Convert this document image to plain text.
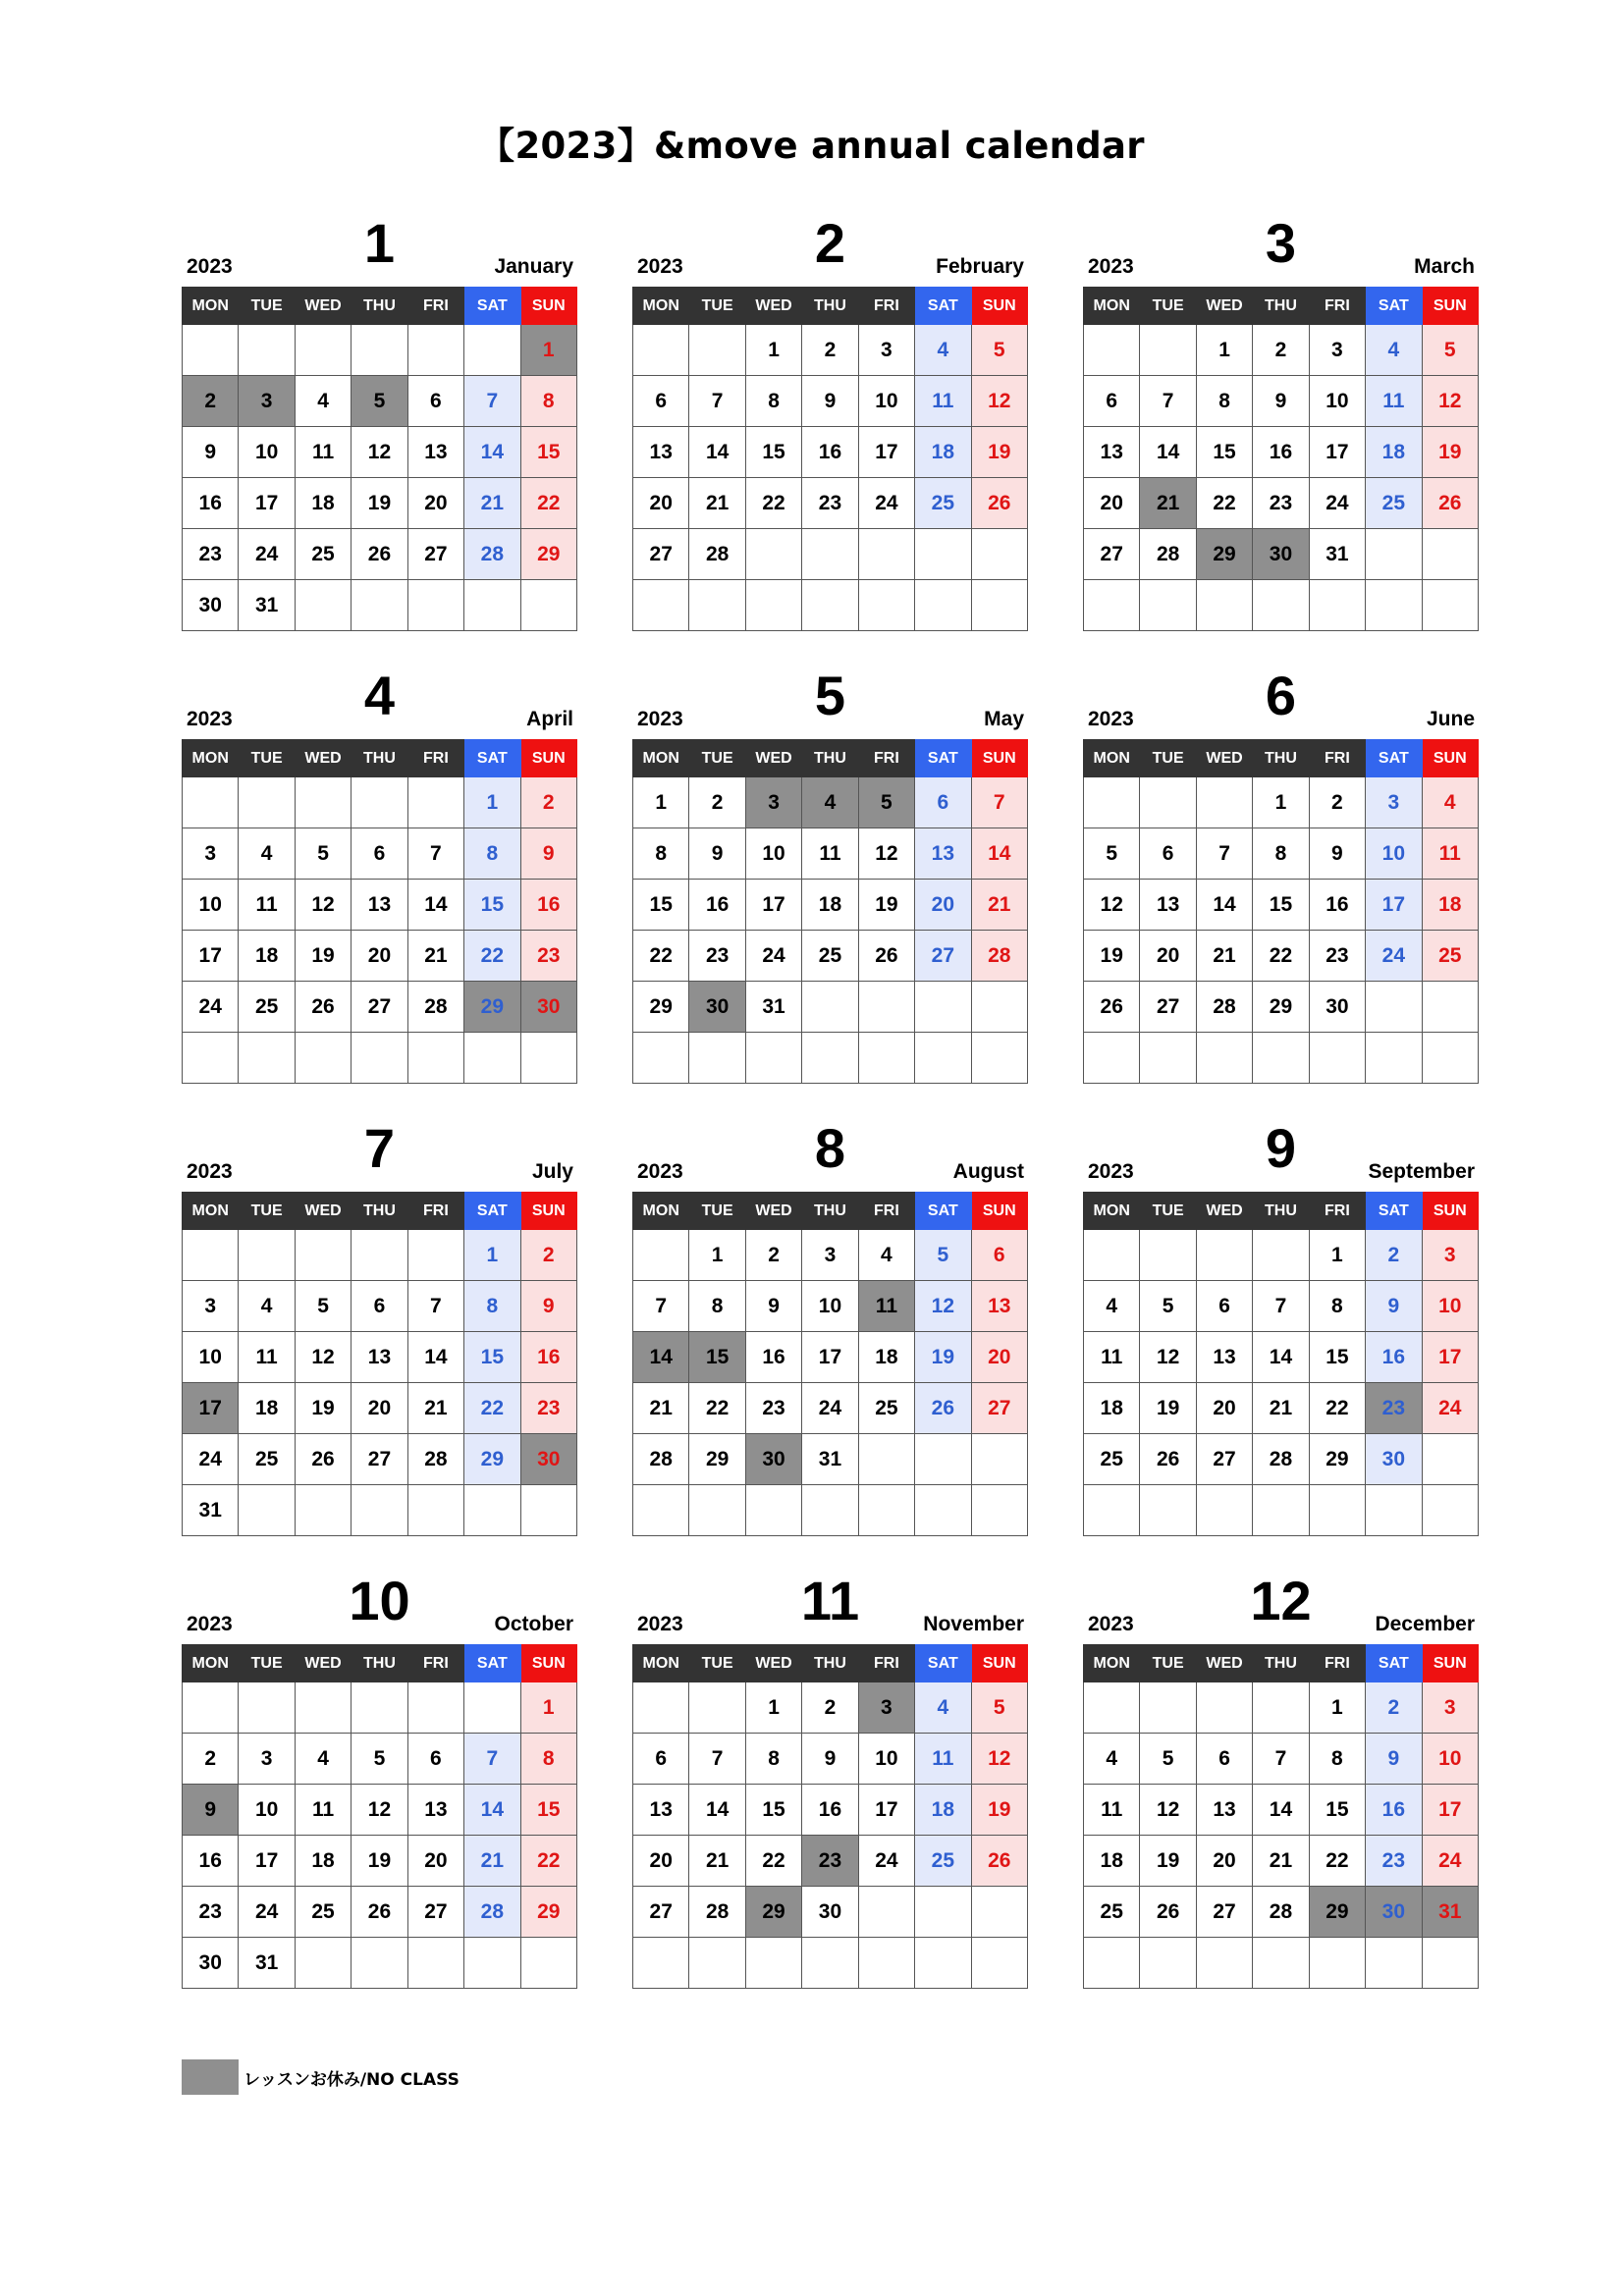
【2023】&move annual calendar
2023	1	January
MON	TUE	WED	THU	FRI	SAT	SUN
						1
2	3	4	5	6	7	8
9	10	11	12	13	14	15
16	17	18	19	20	21	22
23	24	25	26	27	28	29
30	31					
2023	2	February
MON	TUE	WED	THU	FRI	SAT	SUN
		1	2	3	4	5
6	7	8	9	10	11	12
13	14	15	16	17	18	19
20	21	22	23	24	25	26
27	28					

2023	3	March
MON	TUE	WED	THU	FRI	SAT	SUN
		1	2	3	4	5
6	7	8	9	10	11	12
13	14	15	16	17	18	19
20	21	22	23	24	25	26
27	28	29	30	31		

2023	4	April
MON	TUE	WED	THU	FRI	SAT	SUN
					1	2
3	4	5	6	7	8	9
10	11	12	13	14	15	16
17	18	19	20	21	22	23
24	25	26	27	28	29	30

2023	5	May
MON	TUE	WED	THU	FRI	SAT	SUN
1	2	3	4	5	6	7
8	9	10	11	12	13	14
15	16	17	18	19	20	21
22	23	24	25	26	27	28
29	30	31				

2023	6	June
MON	TUE	WED	THU	FRI	SAT	SUN
			1	2	3	4
5	6	7	8	9	10	11
12	13	14	15	16	17	18
19	20	21	22	23	24	25
26	27	28	29	30		

2023	7	July
MON	TUE	WED	THU	FRI	SAT	SUN
					1	2
3	4	5	6	7	8	9
10	11	12	13	14	15	16
17	18	19	20	21	22	23
24	25	26	27	28	29	30
31						
2023	8	August
MON	TUE	WED	THU	FRI	SAT	SUN
	1	2	3	4	5	6
7	8	9	10	11	12	13
14	15	16	17	18	19	20
21	22	23	24	25	26	27
28	29	30	31			

2023	9	September
MON	TUE	WED	THU	FRI	SAT	SUN
				1	2	3
4	5	6	7	8	9	10
11	12	13	14	15	16	17
18	19	20	21	22	23	24
25	26	27	28	29	30	

2023	10	October
MON	TUE	WED	THU	FRI	SAT	SUN
						1
2	3	4	5	6	7	8
9	10	11	12	13	14	15
16	17	18	19	20	21	22
23	24	25	26	27	28	29
30	31					
2023	11	November
MON	TUE	WED	THU	FRI	SAT	SUN
		1	2	3	4	5
6	7	8	9	10	11	12
13	14	15	16	17	18	19
20	21	22	23	24	25	26
27	28	29	30			

2023	12	December
MON	TUE	WED	THU	FRI	SAT	SUN
				1	2	3
4	5	6	7	8	9	10
11	12	13	14	15	16	17
18	19	20	21	22	23	24
25	26	27	28	29	30	31

レッスンお休み/NO CLASS
